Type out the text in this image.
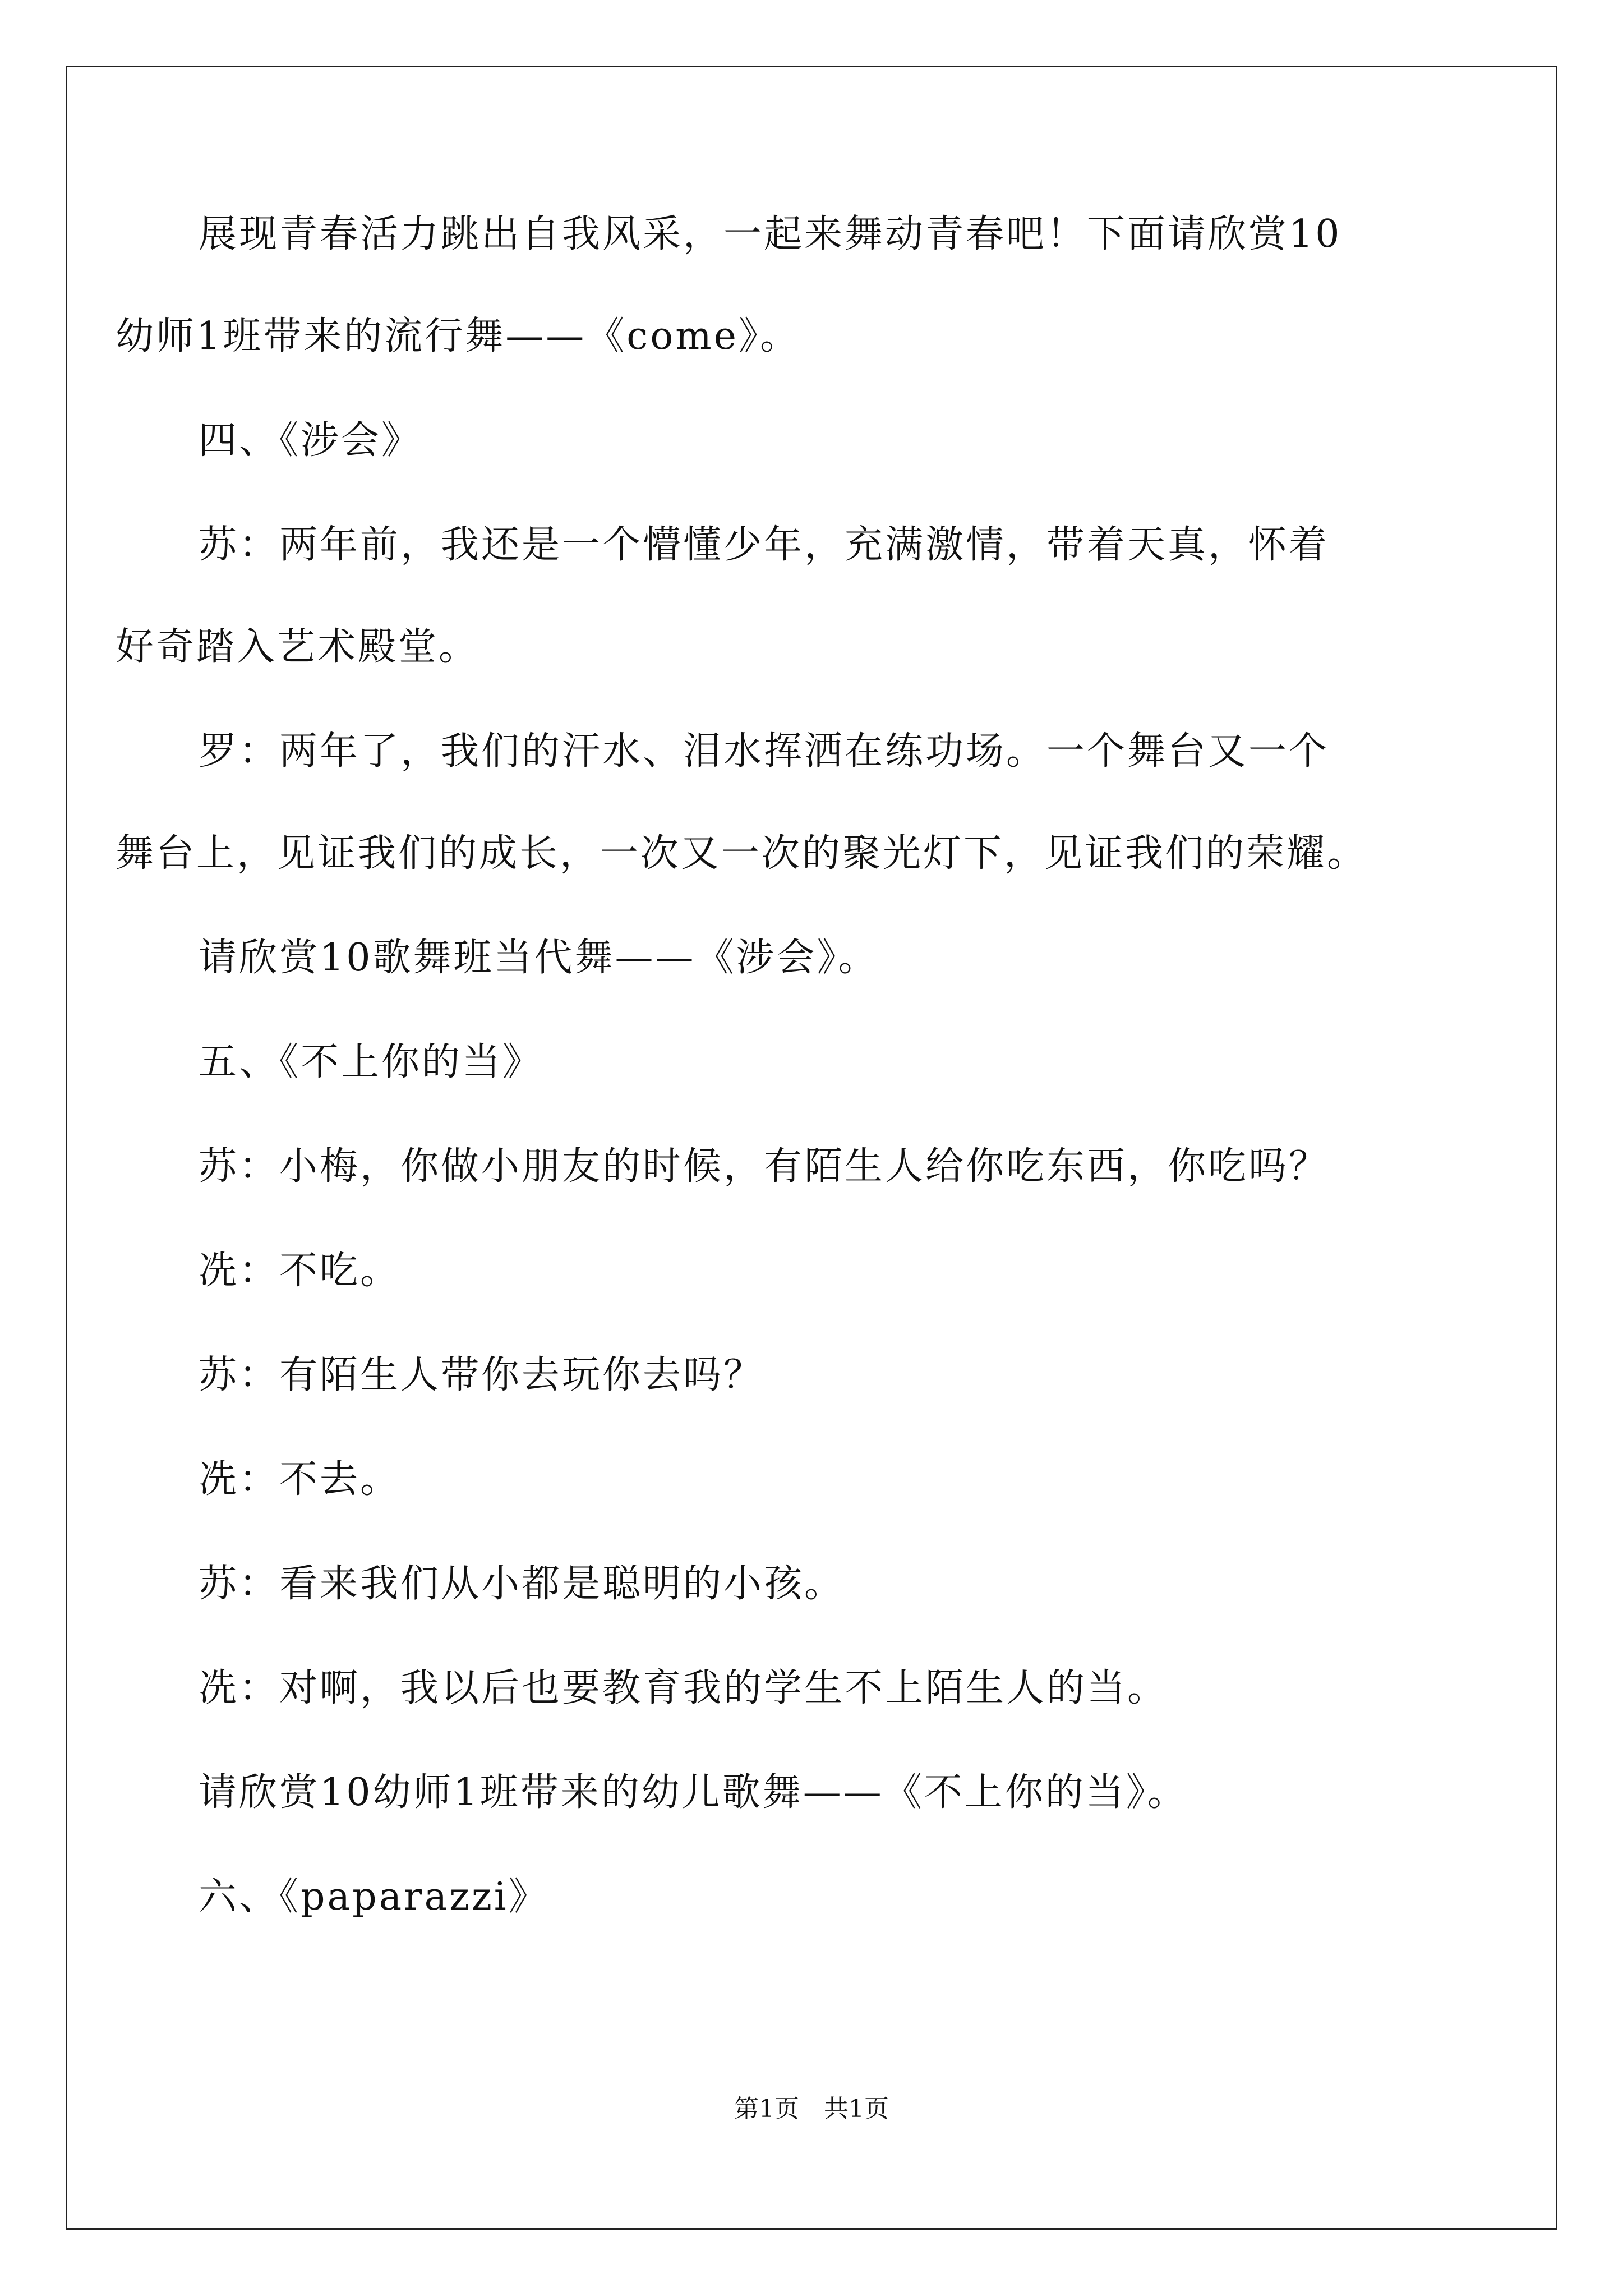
展现青春活力跳出自我风采，一起来舞动青春吧！下面请欣赏10

幼师1班带来的流行舞——《come》。

四、《涉会》

苏：两年前，我还是一个懵懂少年，充满激情，带着天真，怀着

好奇踏入艺术殿堂。

罗：两年了，我们的汗水、泪水挥洒在练功场。一个舞台又一个

舞台上，见证我们的成长，一次又一次的聚光灯下，见证我们的荣耀。

请欣赏10歌舞班当代舞——《涉会》。

五、《不上你的当》

苏：小梅，你做小朋友的时候，有陌生人给你吃东西，你吃吗？

冼：不吃。

苏：有陌生人带你去玩你去吗？

冼：不去。

苏：看来我们从小都是聪明的小孩。

冼：对啊，我以后也要教育我的学生不上陌生人的当。

请欣赏10幼师1班带来的幼儿歌舞——《不上你的当》。

六、《paparazzi》

第1页 共1页
